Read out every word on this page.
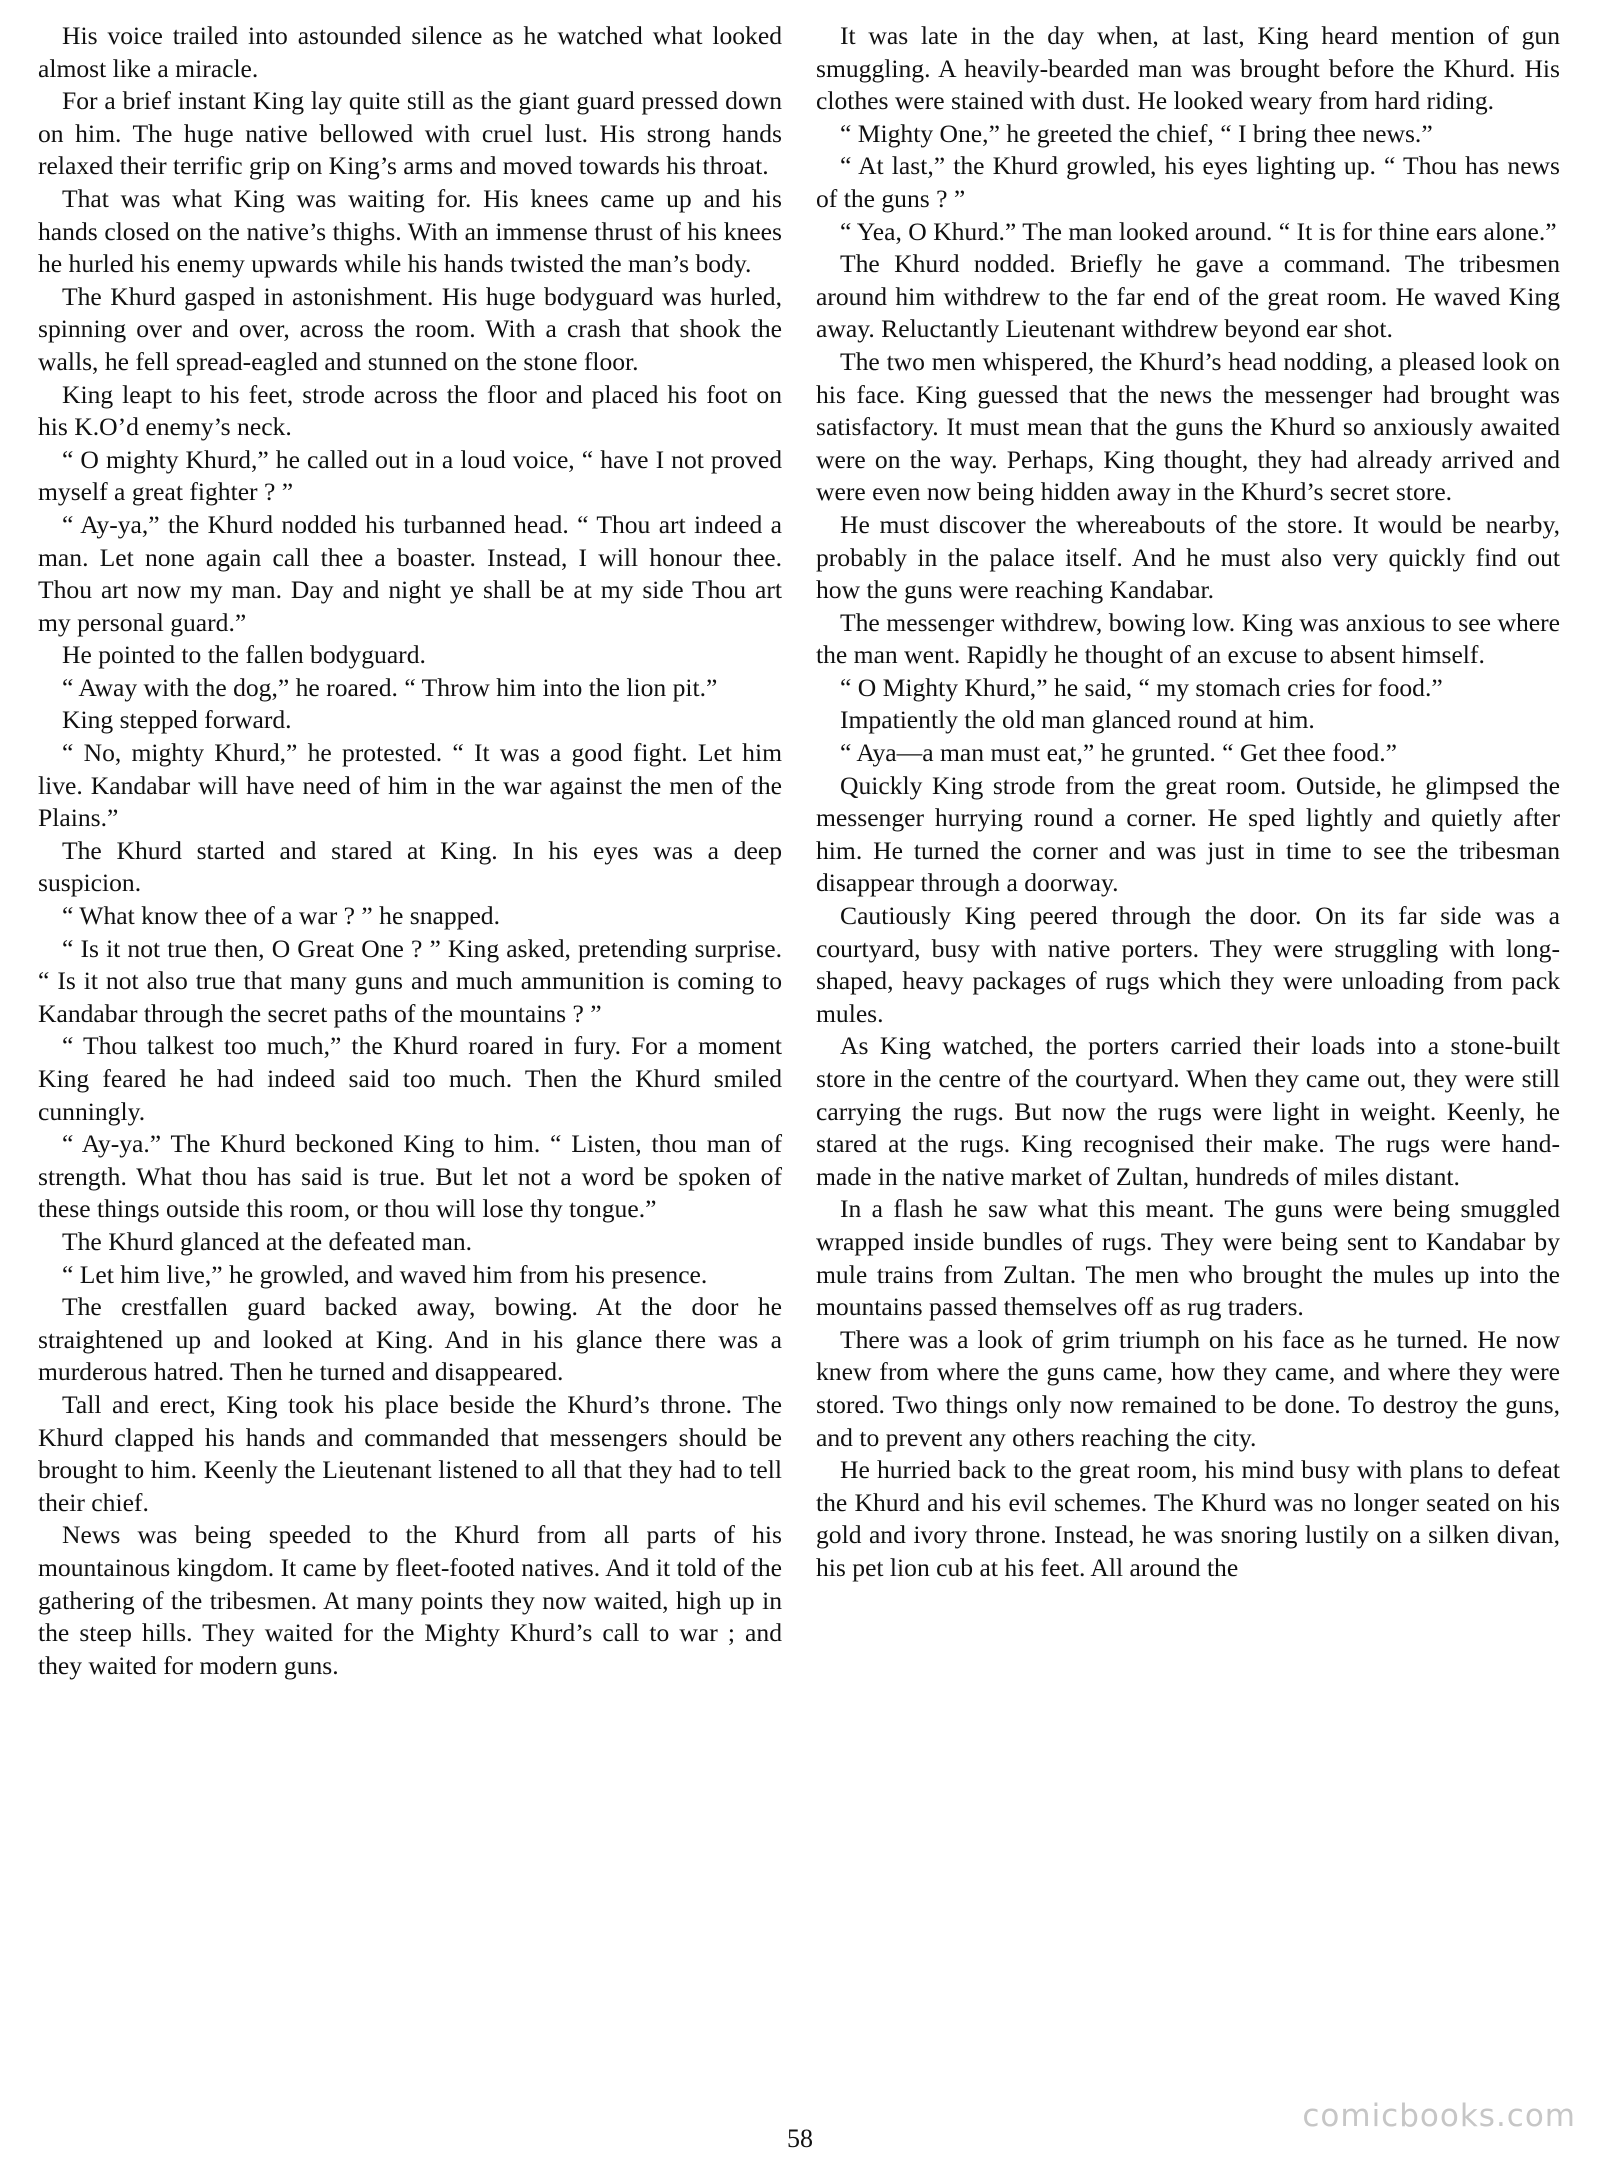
His voice trailed into astounded silence as he watched what looked almost like a miracle.

For a brief instant King lay quite still as the giant guard pressed down on him. The huge native bellowed with cruel lust. His strong hands relaxed their terrific grip on King’s arms and moved towards his throat.

That was what King was waiting for. His knees came up and his hands closed on the native’s thighs. With an immense thrust of his knees he hurled his enemy upwards while his hands twisted the man’s body.

The Khurd gasped in astonishment. His huge bodyguard was hurled, spinning over and over, across the room. With a crash that shook the walls, he fell spread-eagled and stunned on the stone floor.

King leapt to his feet, strode across the floor and placed his foot on his K.O’d enemy’s neck.

“ O mighty Khurd,” he called out in a loud voice, “ have I not proved myself a great fighter ? ”

“ Ay-ya,” the Khurd nodded his turbanned head. “ Thou art indeed a man. Let none again call thee a boaster. Instead, I will honour thee. Thou art now my man. Day and night ye shall be at my side Thou art my personal guard.”

He pointed to the fallen bodyguard.

“ Away with the dog,” he roared. “ Throw him into the lion pit.”

King stepped forward.

“ No, mighty Khurd,” he protested. “ It was a good fight. Let him live. Kandabar will have need of him in the war against the men of the Plains.”

The Khurd started and stared at King. In his eyes was a deep suspicion.

“ What know thee of a war ? ” he snapped.

“ Is it not true then, O Great One ? ” King asked, pretending surprise. “ Is it not also true that many guns and much ammunition is coming to Kandabar through the secret paths of the mountains ? ”

“ Thou talkest too much,” the Khurd roared in fury. For a moment King feared he had indeed said too much. Then the Khurd smiled cunningly.

“ Ay-ya.” The Khurd beckoned King to him. “ Listen, thou man of strength. What thou has said is true. But let not a word be spoken of these things outside this room, or thou will lose thy tongue.”

The Khurd glanced at the defeated man.

“ Let him live,” he growled, and waved him from his presence.

The crestfallen guard backed away, bowing. At the door he straightened up and looked at King. And in his glance there was a murderous hatred. Then he turned and disappeared.

Tall and erect, King took his place beside the Khurd’s throne. The Khurd clapped his hands and commanded that messengers should be brought to him. Keenly the Lieutenant listened to all that they had to tell their chief.

News was being speeded to the Khurd from all parts of his mountainous kingdom. It came by fleet-footed natives. And it told of the gathering of the tribesmen. At many points they now waited, high up in the steep hills. They waited for the Mighty Khurd’s call to war ; and they waited for modern guns.

It was late in the day when, at last, King heard mention of gun smuggling. A heavily-bearded man was brought before the Khurd. His clothes were stained with dust. He looked weary from hard riding.

“ Mighty One,” he greeted the chief, “ I bring thee news.”

“ At last,” the Khurd growled, his eyes lighting up. “ Thou has news of the guns ? ”

“ Yea, O Khurd.” The man looked around. “ It is for thine ears alone.”

The Khurd nodded. Briefly he gave a command. The tribesmen around him withdrew to the far end of the great room. He waved King away. Reluctantly Lieutenant withdrew beyond ear shot.

The two men whispered, the Khurd’s head nodding, a pleased look on his face. King guessed that the news the messenger had brought was satisfactory. It must mean that the guns the Khurd so anxiously awaited were on the way. Perhaps, King thought, they had already arrived and were even now being hidden away in the Khurd’s secret store.

He must discover the whereabouts of the store. It would be nearby, probably in the palace itself. And he must also very quickly find out how the guns were reaching Kandabar.

The messenger withdrew, bowing low. King was anxious to see where the man went. Rapidly he thought of an excuse to absent himself.

“ O Mighty Khurd,” he said, “ my stomach cries for food.”

Impatiently the old man glanced round at him.

“ Aya—a man must eat,” he grunted. “ Get thee food.”

Quickly King strode from the great room. Outside, he glimpsed the messenger hurrying round a corner. He sped lightly and quietly after him. He turned the corner and was just in time to see the tribesman disappear through a doorway.

Cautiously King peered through the door. On its far side was a courtyard, busy with native porters. They were struggling with long-shaped, heavy packages of rugs which they were unloading from pack mules.

As King watched, the porters carried their loads into a stone-built store in the centre of the courtyard. When they came out, they were still carrying the rugs. But now the rugs were light in weight. Keenly, he stared at the rugs. King recognised their make. The rugs were hand-made in the native market of Zultan, hundreds of miles distant.

In a flash he saw what this meant. The guns were being smuggled wrapped inside bundles of rugs. They were being sent to Kandabar by mule trains from Zultan. The men who brought the mules up into the mountains passed themselves off as rug traders.

There was a look of grim triumph on his face as he turned. He now knew from where the guns came, how they came, and where they were stored. Two things only now remained to be done. To destroy the guns, and to prevent any others reaching the city.

He hurried back to the great room, his mind busy with plans to defeat the Khurd and his evil schemes. The Khurd was no longer seated on his gold and ivory throne. Instead, he was snoring lustily on a silken divan, his pet lion cub at his feet. All around the

58
comicbooks.com
